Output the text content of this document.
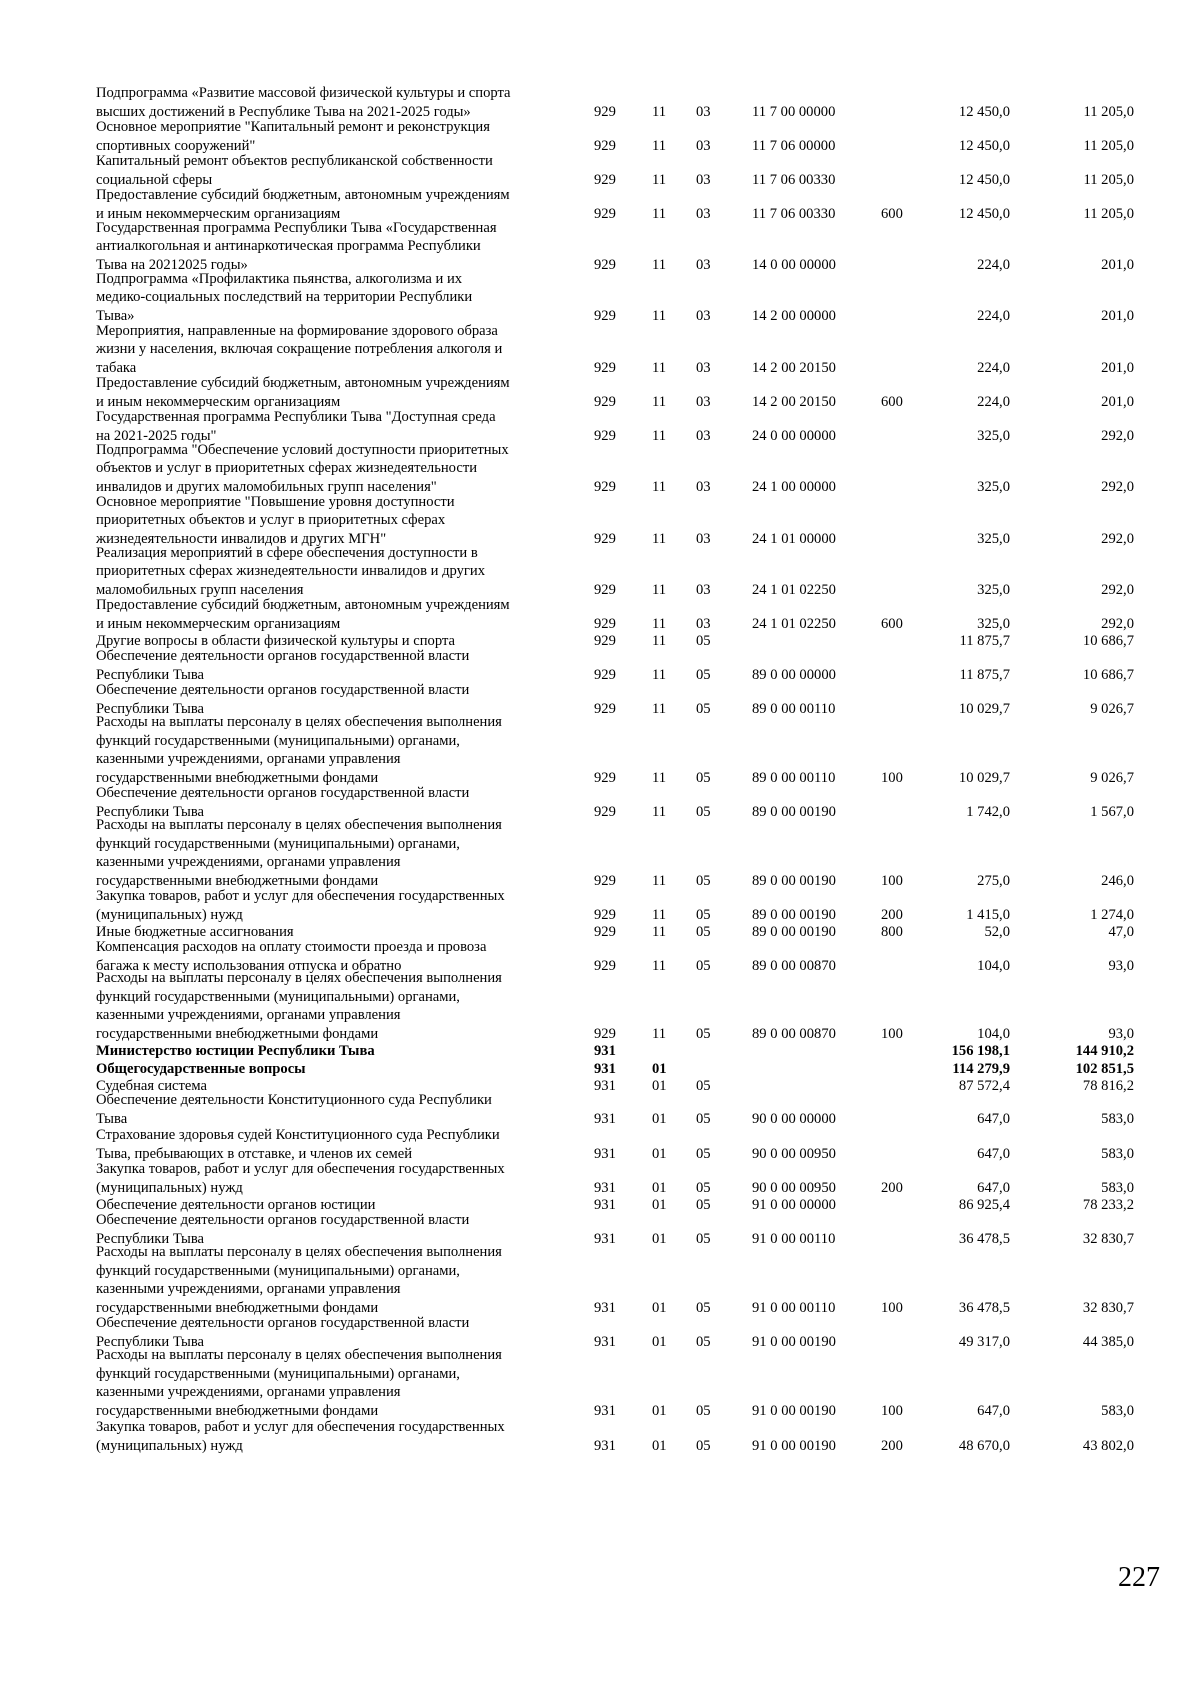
Подпрограмма «Развитие массовой физической культуры и спорта
высших достижений в Республике Тыва на 2021-2025 годы»	929 11 03	11 7 00 00000	12 450,0	11 205,0
Основное мероприятие "Капитальный ремонт и реконструкция
спортивных сооружений"	929 11 03	11 7 06 00000	12 450,0	11 205,0
Капитальный ремонт объектов республиканской собственности
социальной сферы	929 11 03	11 7 06 00330	12 450,0	11 205,0
Предоставление субсидий бюджетным, автономным учреждениям
и иным некоммерческим организациям	929 11 03	11 7 06 00330	600	12 450,0	11 205,0
Государственная программа Республики Тыва «Государственная
антиалкогольная и антинаркотическая программа Республики
Тыва на 20212025 годы»	929 11 03	14 0 00 00000	224,0	201,0
Подпрограмма «Профилактика пьянства, алкоголизма и их
медико-социальных последствий на территории Республики
Тыва»	929 11 03	14 2 00 00000	224,0	201,0
Мероприятия, направленные на формирование здорового образа
жизни у населения, включая сокращение потребления алкоголя и
табака	929 11 03	14 2 00 20150	224,0	201,0
Предоставление субсидий бюджетным, автономным учреждениям
и иным некоммерческим организациям	929 11 03	14 2 00 20150	600	224,0	201,0
Государственная программа Республики Тыва "Доступная среда
на 2021-2025 годы"	929 11 03	24 0 00 00000	325,0	292,0
Подпрограмма "Обеспечение условий доступности приоритетных
объектов и услуг в приоритетных сферах жизнедеятельности
инвалидов и других маломобильных групп населения"	929 11 03	24 1 00 00000	325,0	292,0
Основное мероприятие "Повышение уровня доступности
приоритетных объектов и услуг в приоритетных сферах
жизнедеятельности инвалидов и других МГН"	929 11 03	24 1 01 00000	325,0	292,0
Реализация мероприятий в сфере обеспечения доступности в
приоритетных сферах жизнедеятельности инвалидов и других
маломобильных групп населения	929 11 03	24 1 01 02250	325,0	292,0
Предоставление субсидий бюджетным, автономным учреждениям
и иным некоммерческим организациям	929 11 03	24 1 01 02250	600	325,0	292,0
Другие вопросы в области физической культуры и спорта	929 11 05	11 875,7	10 686,7
Обеспечение деятельности органов государственной власти
Республики Тыва	929 11 05	89 0 00 00000	11 875,7	10 686,7
Обеспечение деятельности органов государственной власти
Республики Тыва	929 11 05	89 0 00 00110	10 029,7	9 026,7
Расходы на выплаты персоналу в целях обеспечения выполнения
функций государственными (муниципальными) органами,
казенными учреждениями, органами управления
государственными внебюджетными фондами	929 11 05	89 0 00 00110	100	10 029,7	9 026,7
Обеспечение деятельности органов государственной власти
Республики Тыва	929 11 05	89 0 00 00190	1 742,0	1 567,0
Расходы на выплаты персоналу в целях обеспечения выполнения
функций государственными (муниципальными) органами,
казенными учреждениями, органами управления
государственными внебюджетными фондами	929 11 05	89 0 00 00190	100	275,0	246,0
Закупка товаров, работ и услуг для обеспечения государственных
(муниципальных) нужд	929 11 05	89 0 00 00190	200	1 415,0	1 274,0
Иные бюджетные ассигнования	929 11 05	89 0 00 00190	800	52,0	47,0
Компенсация расходов на оплату стоимости проезда и провоза
багажа к месту использования отпуска и обратно	929 11 05	89 0 00 00870	104,0	93,0
Расходы на выплаты персоналу в целях обеспечения выполнения
функций государственными (муниципальными) органами,
казенными учреждениями, органами управления
государственными внебюджетными фондами	929 11 05	89 0 00 00870	100	104,0	93,0
Министерство юстиции Республики Тыва	931	156 198,1	144 910,2
Общегосударственные вопросы	931 01	114 279,9	102 851,5
Судебная система	931 01 05	87 572,4	78 816,2
Обеспечение деятельности Конституционного суда Республики
Тыва	931 01 05	90 0 00 00000	647,0	583,0
Страхование здоровья судей Конституционного суда Республики
Тыва, пребывающих в отставке, и членов их семей	931 01 05	90 0 00 00950	647,0	583,0
Закупка товаров, работ и услуг для обеспечения государственных
(муниципальных) нужд	931 01 05	90 0 00 00950	200	647,0	583,0
Обеспечение деятельности органов юстиции	931 01 05	91 0 00 00000	86 925,4	78 233,2
Обеспечение деятельности органов государственной власти
Республики Тыва	931 01 05	91 0 00 00110	36 478,5	32 830,7
Расходы на выплаты персоналу в целях обеспечения выполнения
функций государственными (муниципальными) органами,
казенными учреждениями, органами управления
государственными внебюджетными фондами	931 01 05	91 0 00 00110	100	36 478,5	32 830,7
Обеспечение деятельности органов государственной власти
Республики Тыва	931 01 05	91 0 00 00190	49 317,0	44 385,0
Расходы на выплаты персоналу в целях обеспечения выполнения
функций государственными (муниципальными) органами,
казенными учреждениями, органами управления
государственными внебюджетными фондами	931 01 05	91 0 00 00190	100	647,0	583,0
Закупка товаров, работ и услуг для обеспечения государственных
(муниципальных) нужд	931 01 05	91 0 00 00190	200	48 670,0	43 802,0
227
